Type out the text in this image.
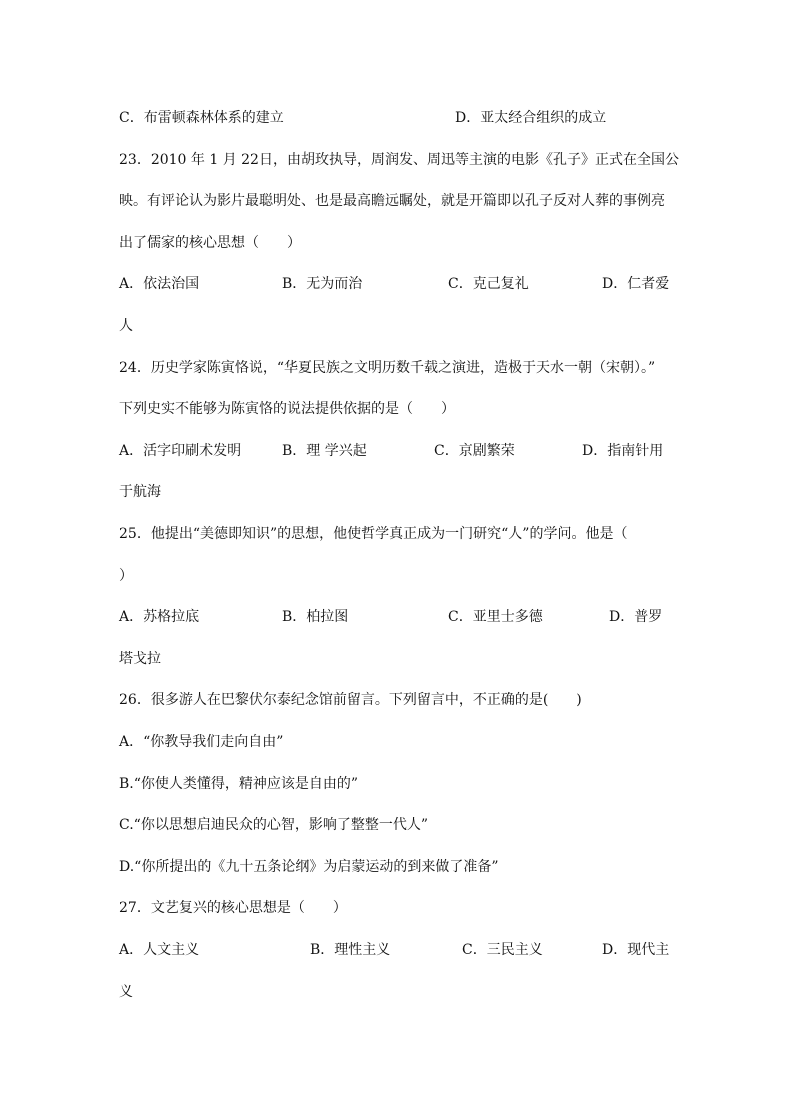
C．布雷顿森林体系的建立	D．亚太经合组织的成立
23．2010 年 1 月 22日，由胡玫执导，周润发、周迅等主演的电影《孔子》正式在全国公
映。有评论认为影片最聪明处、也是最高瞻远瞩处，就是开篇即以孔子反对人葬的事例亮
出了儒家的核心思想（　　）
A．依法治国	B．无为而治	C．克己复礼	D．仁者爱
人
24．历史学家陈寅恪说，“华夏民族之文明历数千载之演进，造极于天水一朝（宋朝）。”
下列史实不能够为陈寅恪的说法提供依据的是（　　）
A．活字印刷术发明	B．理 学兴起	C．京剧繁荣	D．指南针用
于航海
25．他提出“美德即知识”的思想，他使哲学真正成为一门研究“人”的学问。他是（
）
A．苏格拉底	B．柏拉图	C．亚里士多德	D．普罗
塔戈拉
26．很多游人在巴黎伏尔泰纪念馆前留言。下列留言中，不正确的是(　　)
A．“你教导我们走向自由”
B.“你使人类懂得，精神应该是自由的”
C.“你以思想启迪民众的心智，影响了整整一代人”
D.“你所提出的《九十五条论纲》为启蒙运动的到来做了准备”
27．文艺复兴的核心思想是（　　）
A．人文主义	B．理性主义	C．三民主义	D．现代主
义
